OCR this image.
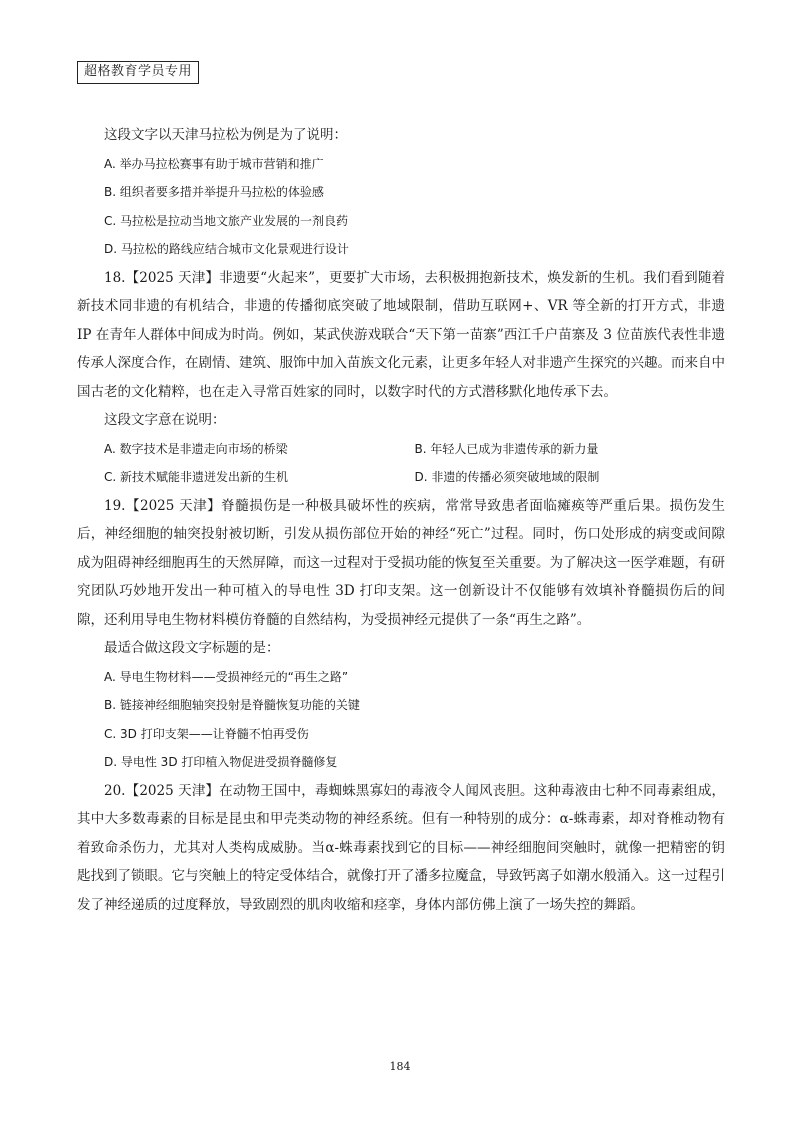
超格教育学员专用

这段文字以天津马拉松为例是为了说明：

A. 举办马拉松赛事有助于城市营销和推广

B. 组织者要多措并举提升马拉松的体验感

C. 马拉松是拉动当地文旅产业发展的一剂良药

D. 马拉松的路线应结合城市文化景观进行设计

18.【2025 天津】非遗要“火起来”，更要扩大市场，去积极拥抱新技术，焕发新的生机。我们看到随着新技术同非遗的有机结合，非遗的传播彻底突破了地域限制，借助互联网+、VR 等全新的打开方式，非遗 IP 在青年人群体中间成为时尚。例如，某武侠游戏联合“天下第一苗寨”西江千户苗寨及 3 位苗族代表性非遗传承人深度合作，在剧情、建筑、服饰中加入苗族文化元素，让更多年轻人对非遗产生探究的兴趣。而来自中国古老的文化精粹，也在走入寻常百姓家的同时，以数字时代的方式潜移默化地传承下去。

这段文字意在说明：

A. 数字技术是非遗走向市场的桥梁	B. 年轻人已成为非遗传承的新力量
C. 新技术赋能非遗迸发出新的生机	D. 非遗的传播必须突破地域的限制

19.【2025 天津】脊髓损伤是一种极具破坏性的疾病，常常导致患者面临瘫痪等严重后果。损伤发生后，神经细胞的轴突投射被切断，引发从损伤部位开始的神经“死亡”过程。同时，伤口处形成的病变或间隙成为阻碍神经细胞再生的天然屏障，而这一过程对于受损功能的恢复至关重要。为了解决这一医学难题，有研究团队巧妙地开发出一种可植入的导电性 3D 打印支架。这一创新设计不仅能够有效填补脊髓损伤后的间隙，还利用导电生物材料模仿脊髓的自然结构，为受损神经元提供了一条“再生之路”。

最适合做这段文字标题的是：

A. 导电生物材料——受损神经元的“再生之路”

B. 链接神经细胞轴突投射是脊髓恢复功能的关键

C. 3D 打印支架——让脊髓不怕再受伤

D. 导电性 3D 打印植入物促进受损脊髓修复

20.【2025 天津】在动物王国中，毒蜘蛛黑寡妇的毒液令人闻风丧胆。这种毒液由七种不同毒素组成，其中大多数毒素的目标是昆虫和甲壳类动物的神经系统。但有一种特别的成分：α-蛛毒素，却对脊椎动物有着致命杀伤力，尤其对人类构成威胁。当α-蛛毒素找到它的目标——神经细胞间突触时，就像一把精密的钥匙找到了锁眼。它与突触上的特定受体结合，就像打开了潘多拉魔盒，导致钙离子如潮水般涌入。这一过程引发了神经递质的过度释放，导致剧烈的肌肉收缩和痉挛，身体内部仿佛上演了一场失控的舞蹈。

184
